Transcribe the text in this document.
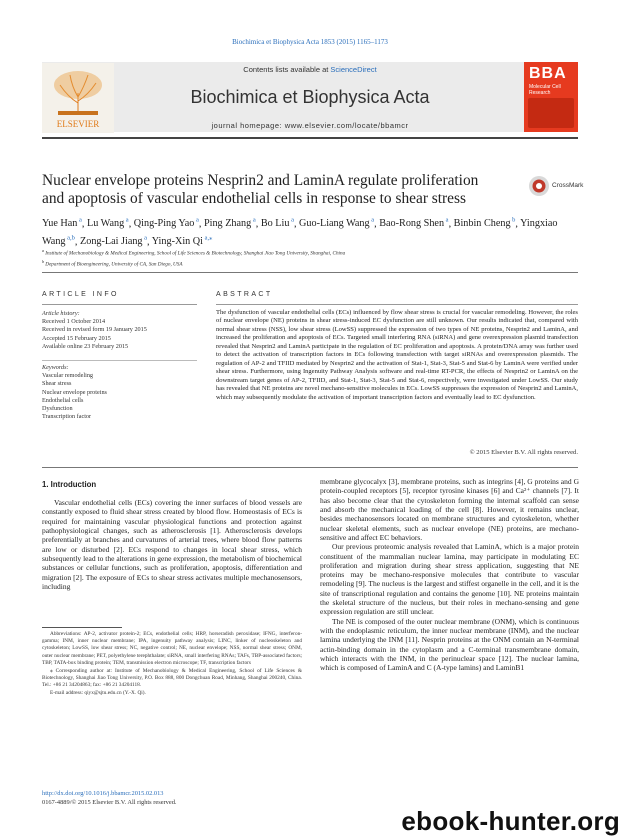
Biochimica et Biophysica Acta 1853 (2015) 1165–1173
ELSEVIER
Contents lists available at ScienceDirect
Biochimica et Biophysica Acta
journal homepage: www.elsevier.com/locate/bbamcr
BBA
Molecular Cell Research
Nuclear envelope proteins Nesprin2 and LaminA regulate proliferation and apoptosis of vascular endothelial cells in response to shear stress
CrossMark
Yue Han $^a$, Lu Wang $^a$, Qing-Ping Yao $^a$, Ping Zhang $^a$, Bo Liu $^a$, Guo-Liang Wang $^a$, Bao-Rong Shen $^a$, Binbin Cheng $^b$, Yingxiao Wang $^{a,b}$, Zong-Lai Jiang $^a$, Ying-Xin Qi $^{a,⁎}$
$^a$ Institute of Mechanobiology & Medical Engineering, School of Life Sciences & Biotechnology, Shanghai Jiao Tong University, Shanghai, China
$^b$ Department of Bioengineering, University of CA, San Diego, USA
ARTICLE INFO
Article history:
Received 1 October 2014
Received in revised form 19 January 2015
Accepted 15 February 2015
Available online 23 February 2015
Keywords:
Vascular remodeling
Shear stress
Nuclear envelope proteins
Endothelial cells
Dysfunction
Transcription factor
ABSTRACT
The dysfunction of vascular endothelial cells (ECs) influenced by flow shear stress is crucial for vascular remodeling. However, the roles of nuclear envelope (NE) proteins in shear stress-induced EC dysfunction are still unknown. Our results indicated that, compared with normal shear stress (NSS), low shear stress (LowSS) suppressed the expression of two types of NE proteins, Nesprin2 and LaminA, and increased the proliferation and apoptosis of ECs. Targeted small interfering RNA (siRNA) and gene overexpression plasmid transfection revealed that Nesprin2 and LaminA participate in the regulation of EC proliferation and apoptosis. A protein/DNA array was further used to detect the activation of transcription factors in ECs following transfection with target siRNAs and overexpression plasmids. The regulation of AP-2 and TFIID mediated by Nesprin2 and the activation of Stat-1, Stat-3, Stat-5 and Stat-6 by LaminA were verified under shear stress. Furthermore, using Ingenuity Pathway Analysis software and real-time RT-PCR, the effects of Nesprin2 or LaminA on the downstream target genes of AP-2, TFIID, and Stat-1, Stat-3, Stat-5 and Stat-6, respectively, were investigated under LowSS. Our study has revealed that NE proteins are novel mechano-sensitive molecules in ECs. LowSS suppresses the expression of Nesprin2 and LaminA, which may subsequently modulate the activation of important transcription factors and eventually lead to EC dysfunction.
© 2015 Elsevier B.V. All rights reserved.
1. Introduction

Vascular endothelial cells (ECs) covering the inner surfaces of blood vessels are constantly exposed to fluid shear stress created by blood flow. Homeostasis of ECs is required for maintaining vascular physiological functions and protection against pathophysiological changes, such as atherosclerosis [1]. Atherosclerosis develops preferentially at branches and curvatures of arterial trees, where blood flow patterns are low or disturbed [2]. ECs respond to changes in local shear stress, which subsequently lead to the alterations in gene expression, the metabolism of biochemical substances or cellular functions, such as proliferation, apoptosis, differentiation and migration [2]. The exposure of ECs to shear stress activates multiple mechanosensors, including

membrane glycocalyx [3], membrane proteins, such as integrins [4], G proteins and G protein-coupled receptors [5], receptor tyrosine kinases [6] and Ca²⁺ channels [7]. It has also become clear that the cytoskeleton forming the internal scaffold can sense and absorb the mechanical loading of the cell [8]. However, it remains unclear, besides mechanosensors located on membrane structures and cytoskeleton, whether nuclear skeletal elements, such as nuclear envelope (NE) proteins, are mechano-sensitive and affect EC behaviors.

Our previous proteomic analysis revealed that LaminA, which is a major protein constituent of the mammalian nuclear lamina, may participate in modulating EC proliferation and migration during shear stress application, suggesting that NE proteins may be mechano-responsive molecules that contribute to vascular remodeling [9]. The nucleus is the largest and stiffest organelle in the cell, and it is the site of transcriptional regulation and contains the genome [10]. NE proteins maintain the skeletal structure of the nucleus, but their roles in mechano-sensing and gene expression regulation are still unclear.

The NE is composed of the outer nuclear membrane (ONM), which is continuous with the endoplasmic reticulum, the inner nuclear membrane (INM), and the nuclear lamina underlying the INM [11]. Nesprin proteins at the ONM contain an N-terminal actin-binding domain in the cytoplasm and a C-terminal transmembrane domain, which interacts with the INM, in the perinuclear space [12]. The nuclear lamina, which is composed of LaminA and C (A-type lamins) and LaminB1

Abbreviations: AP-2, activator protein-2; ECs, endothelial cells; HRP, horseradish peroxidase; IFNG, interferon-gamma; INM, inner nuclear membrane; IPA, ingenuity pathway analysis; LINC, linker of nucleoskeleton and cytoskeleton; LowSS, low shear stress; NC, negative control; NE, nuclear envelope; NSS, normal shear stress; ONM, outer nuclear membrane; PET, polyethylene terephthalate; siRNA, small interfering RNAs; TAFs, TBP-associated factors; TBP, TATA-box binding protein; TEM, transmission electron microscope; TF, transcription factors

⁎ Corresponding author at: Institute of Mechanobiology & Medical Engineering, School of Life Sciences & Biotechnology, Shanghai Jiao Tong University, P.O. Box 888, 800 Dongchuan Road, Minhang, Shanghai 200240, China. Tel.: +86 21 34204863; fax: +86 21 34204118.

E-mail address: qiyx@sjtu.edu.cn (Y.-X. Qi).

http://dx.doi.org/10.1016/j.bbamcr.2015.02.013
0167-4889/© 2015 Elsevier B.V. All rights reserved.
ebook-hunter.org
